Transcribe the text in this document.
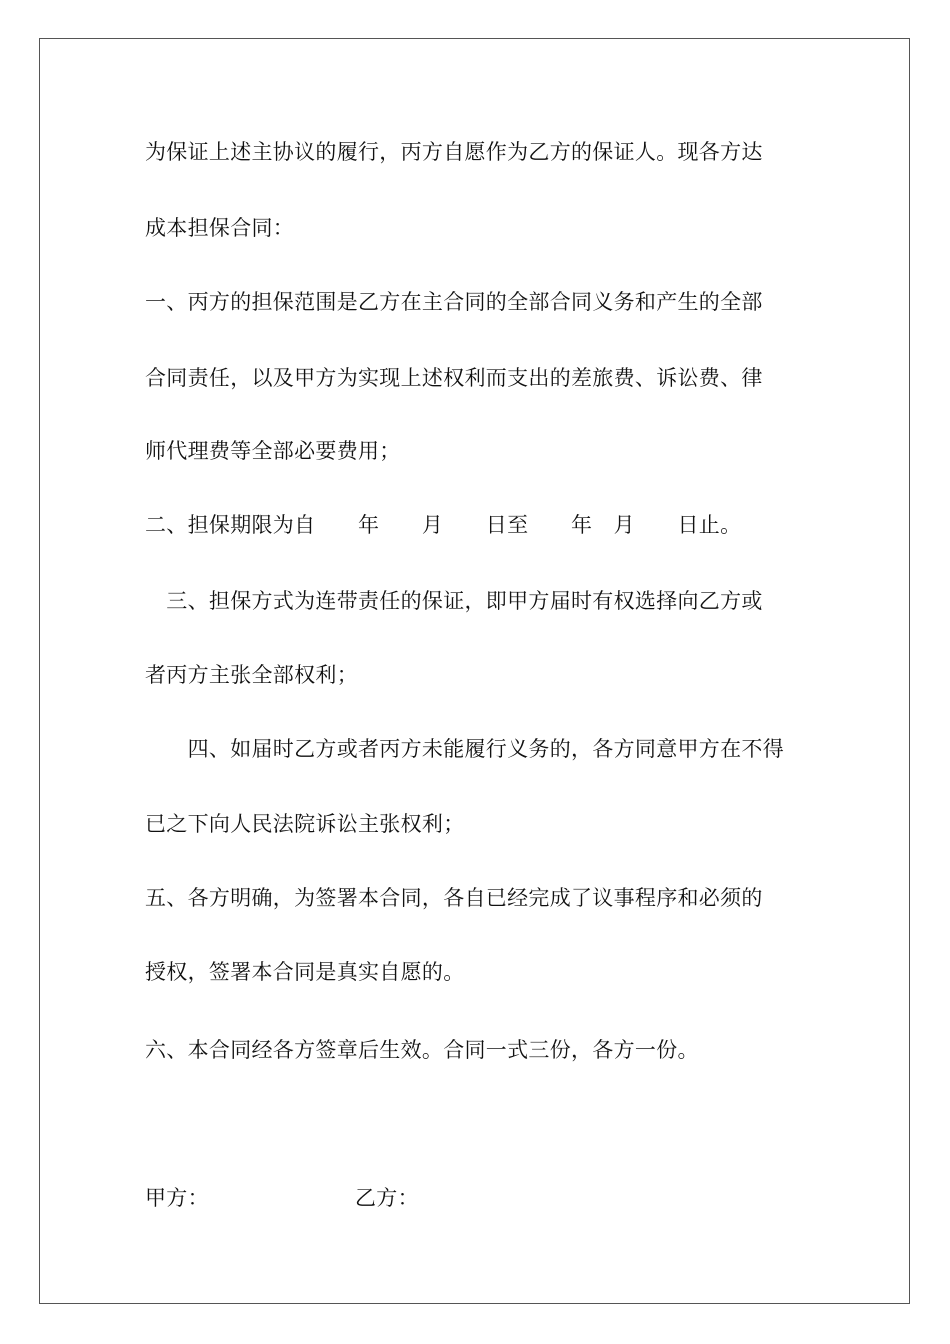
为保证上述主协议的履行，丙方自愿作为乙方的保证人。现各方达
成本担保合同：
一、丙方的担保范围是乙方在主合同的全部合同义务和产生的全部
合同责任，以及甲方为实现上述权利而支出的差旅费、诉讼费、律
师代理费等全部必要费用；
二、担保期限为自　　年　　月　　日至　　年　月　　日止。
　三、担保方式为连带责任的保证，即甲方届时有权选择向乙方或
者丙方主张全部权利；
　　四、如届时乙方或者丙方未能履行义务的，各方同意甲方在不得
已之下向人民法院诉讼主张权利；
五、各方明确，为签署本合同，各自已经完成了议事程序和必须的
授权，签署本合同是真实自愿的。
六、本合同经各方签章后生效。合同一式三份，各方一份。
甲方：	乙方：
